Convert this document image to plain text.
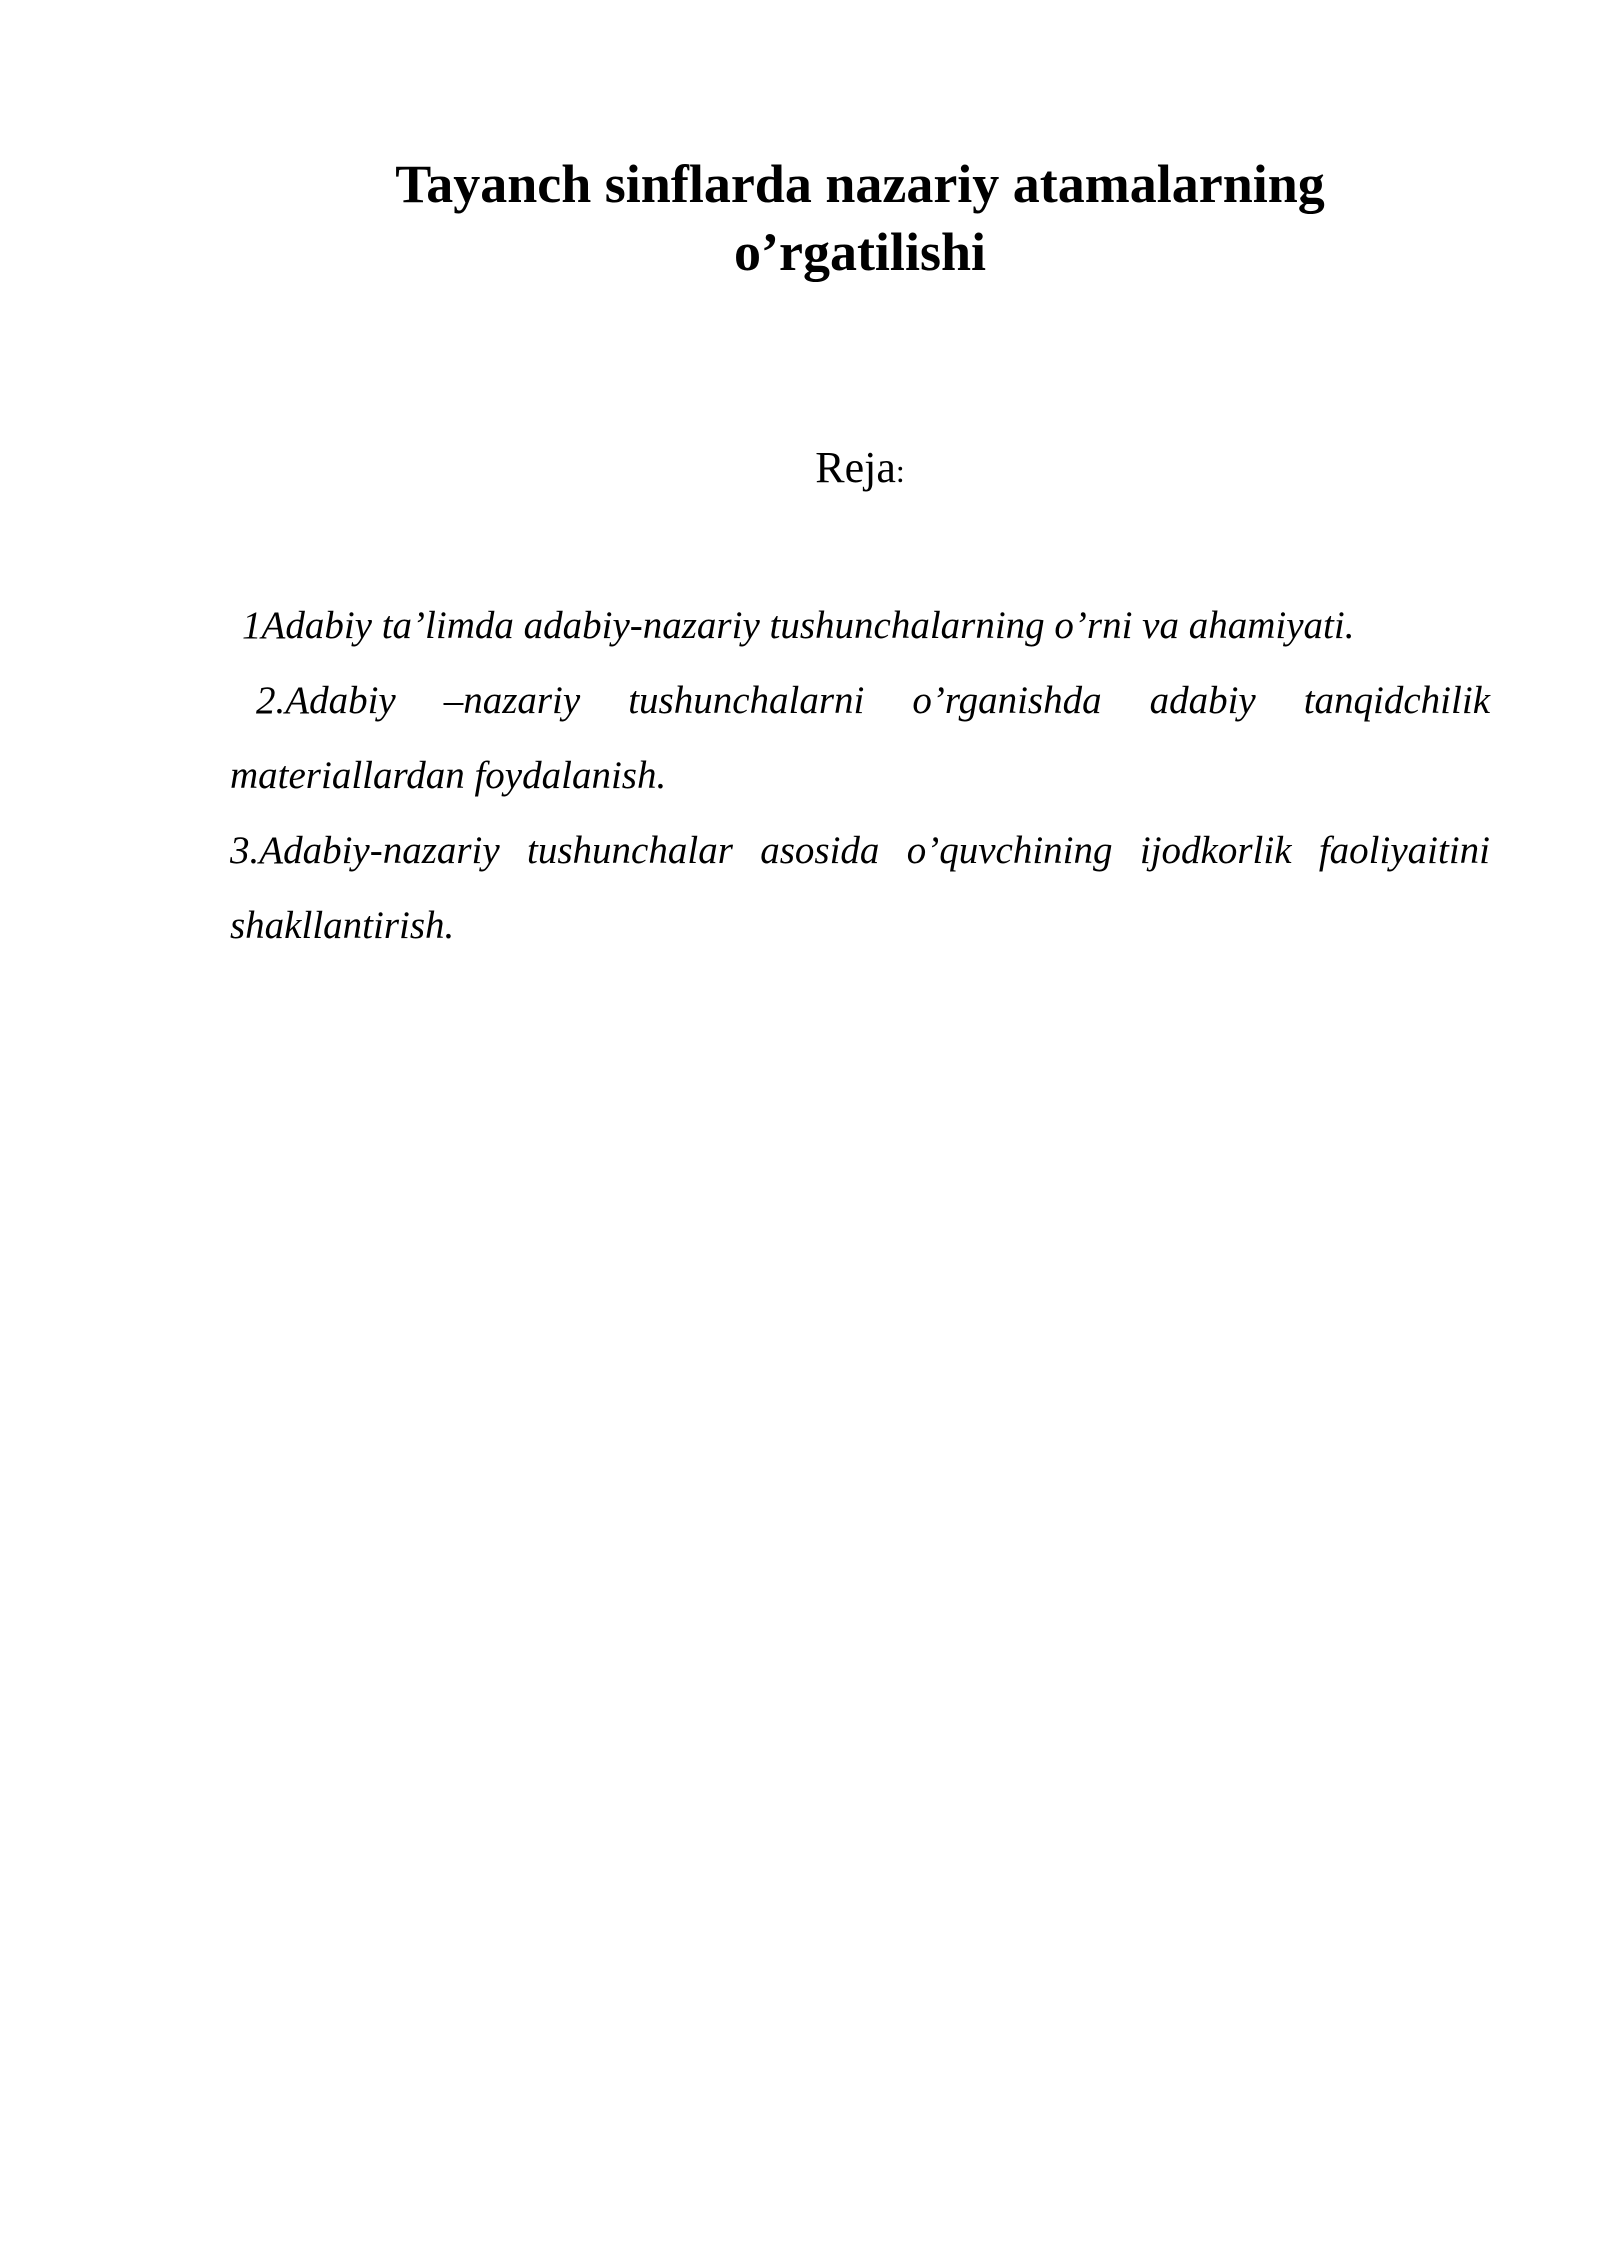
Tayanch sinflarda nazariy atamalarning
o’rgatilishi

Reja:

1Adabiy ta’limda adabiy-nazariy tushunchalarning o’rni va ahamiyati.
2.Adabiy –nazariy tushunchalarni o’rganishda adabiy tanqidchilik materiallardan foydalanish.
3.Adabiy-nazariy tushunchalar asosida o’quvchining ijodkorlik faoliyaitini shakllantirish.
